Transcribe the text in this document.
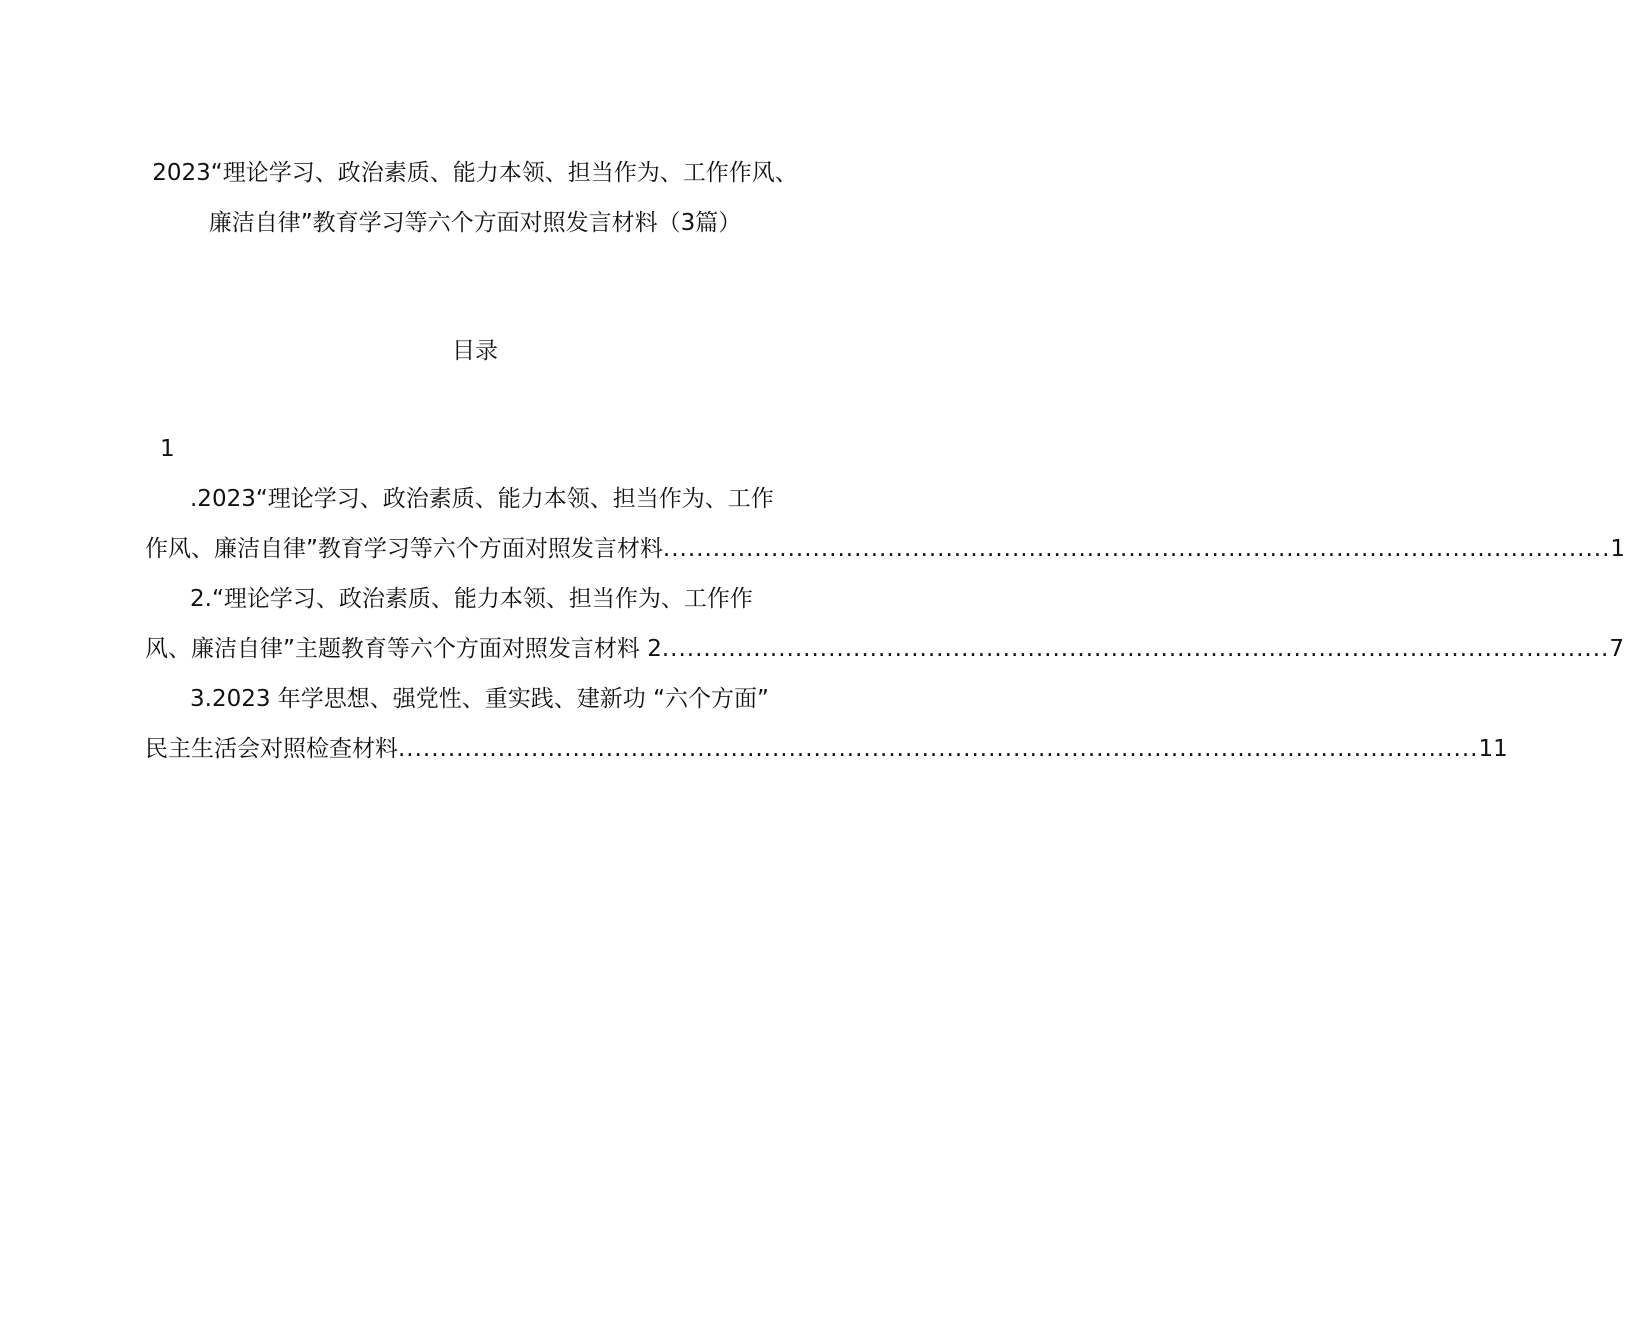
2023“理论学习、政治素质、能力本领、担当作为、工作作风、
廉洁自律”教育学习等六个方面对照发言材料（3篇）
目录
1
.2023“理论学习、政治素质、能力本领、担当作为、工作
作风、廉洁自律”教育学习等六个方面对照发言材料 .................................................................................................................. 1
2.“理论学习、政治素质、能力本领、担当作为、工作作
风、廉洁自律”主题教育等六个方面对照发言材料 2 .................................................................................................................. 7
3.2023 年学思想、强党性、重实践、建新功 “六个方面”
民主生活会对照检查材料 .................................................................................................................................. 11
